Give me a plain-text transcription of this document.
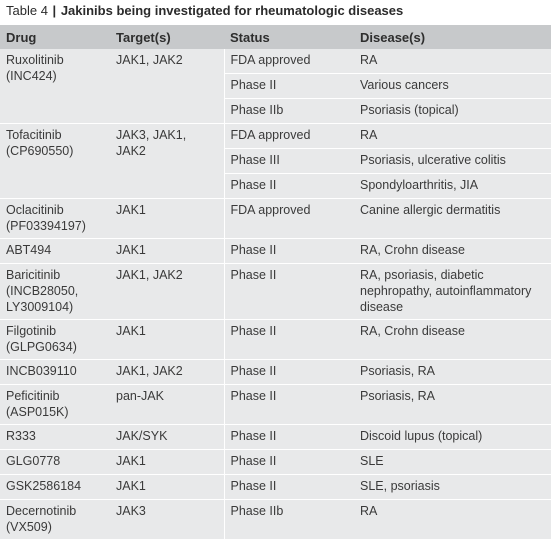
Table 4 | Jakinibs being investigated for rheumatologic diseases
Drug	Target(s)	Status	Disease(s)

Ruxolitinib
(INC424)	JAK1, JAK2	FDA approved	RA
		Phase II	Various cancers
		Phase IIb	Psoriasis (topical)

Tofacitinib
(CP690550)	JAK3, JAK1, JAK2	FDA approved	RA
		Phase III	Psoriasis, ulcerative colitis
		Phase II	Spondyloarthritis, JIA

Oclacitinib
(PF03394197)	JAK1	FDA approved	Canine allergic dermatitis

ABT494	JAK1	Phase II	RA, Crohn disease

Baricitinib
(INCB28050,
LY3009104)	JAK1, JAK2	Phase II	RA, psoriasis, diabetic nephropathy, autoinflammatory disease

Filgotinib
(GLPG0634)	JAK1	Phase II	RA, Crohn disease

INCB039110	JAK1, JAK2	Phase II	Psoriasis, RA

Peficitinib
(ASP015K)	pan-JAK	Phase II	Psoriasis, RA

R333	JAK/SYK	Phase II	Discoid lupus (topical)

GLG0778	JAK1	Phase II	SLE

GSK2586184	JAK1	Phase II	SLE, psoriasis

Decernotinib
(VX509)	JAK3	Phase IIb	RA
